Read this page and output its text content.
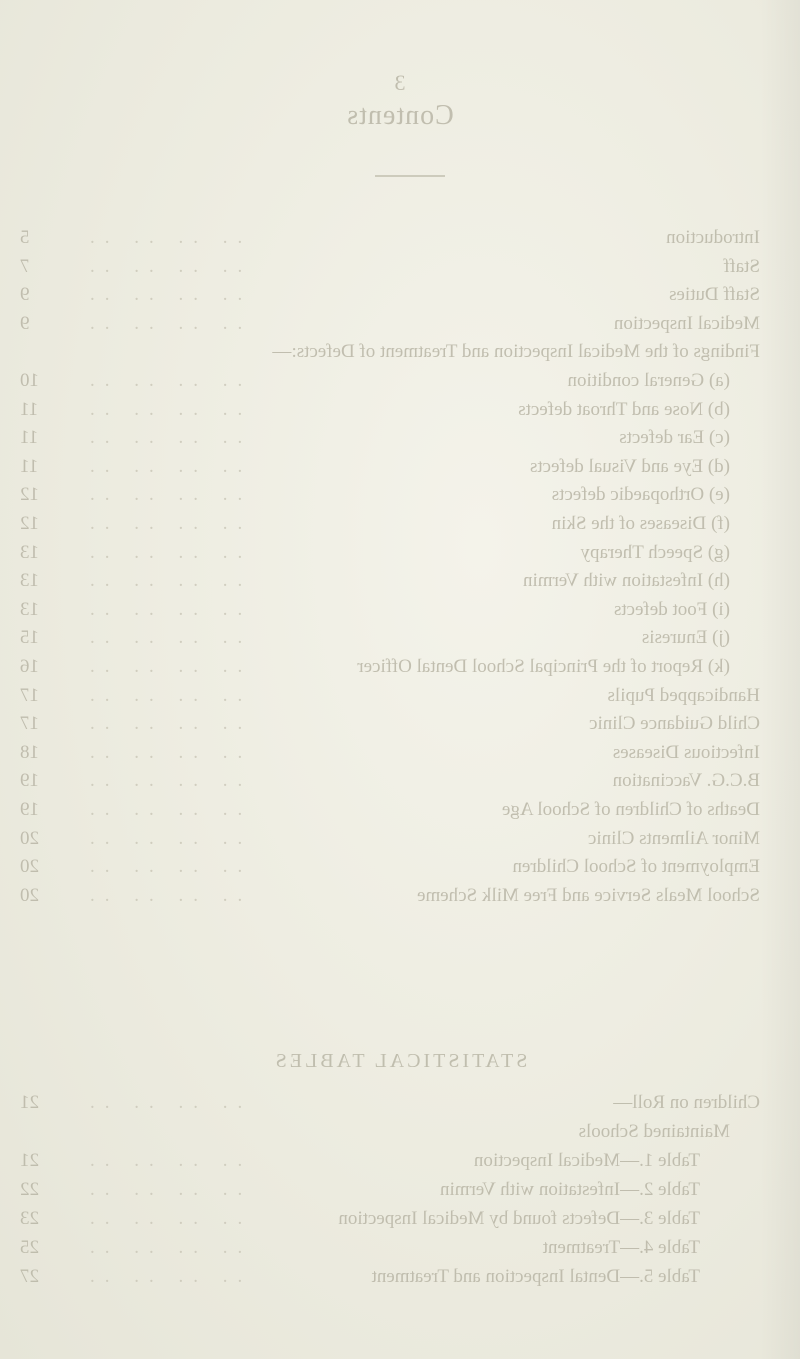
3
Contents
Introduction
.. .. .. ..
5
Staff
.. .. .. ..
7
Staff Duties
.. .. .. ..
9
Medical Inspection
.. .. .. ..
9
Findings of the Medical Inspection and Treatment of Defects:—
(a) General condition
.. .. .. ..
10
(b) Nose and Throat defects
.. .. .. ..
11
(c) Ear defects
.. .. .. ..
11
(d) Eye and Visual defects
.. .. .. ..
11
(e) Orthopaedic defects
.. .. .. ..
12
(f) Diseases of the Skin
.. .. .. ..
12
(g) Speech Therapy
.. .. .. ..
13
(h) Infestation with Vermin
.. .. .. ..
13
(i) Foot defects
.. .. .. ..
13
(j) Enuresis
.. .. .. ..
15
(k) Report of the Principal School Dental Officer
.. .. .. ..
16
Handicapped Pupils
.. .. .. ..
17
Child Guidance Clinic
.. .. .. ..
17
Infectious Diseases
.. .. .. ..
18
B.C.G. Vaccination
.. .. .. ..
19
Deaths of Children of School Age
.. .. .. ..
19
Minor Ailments Clinic
.. .. .. ..
20
Employment of School Children
.. .. .. ..
20
School Meals Service and Free Milk Scheme
.. .. .. ..
20
STATISTICAL TABLES
Children on Roll—
.. .. .. ..
21
Maintained Schools
Table 1.—Medical Inspection
.. .. .. ..
21
Table 2.—Infestation with Vermin
.. .. .. ..
22
Table 3.—Defects found by Medical Inspection
.. .. .. ..
23
Table 4.—Treatment
.. .. .. ..
25
Table 5.—Dental Inspection and Treatment
.. .. .. ..
27
